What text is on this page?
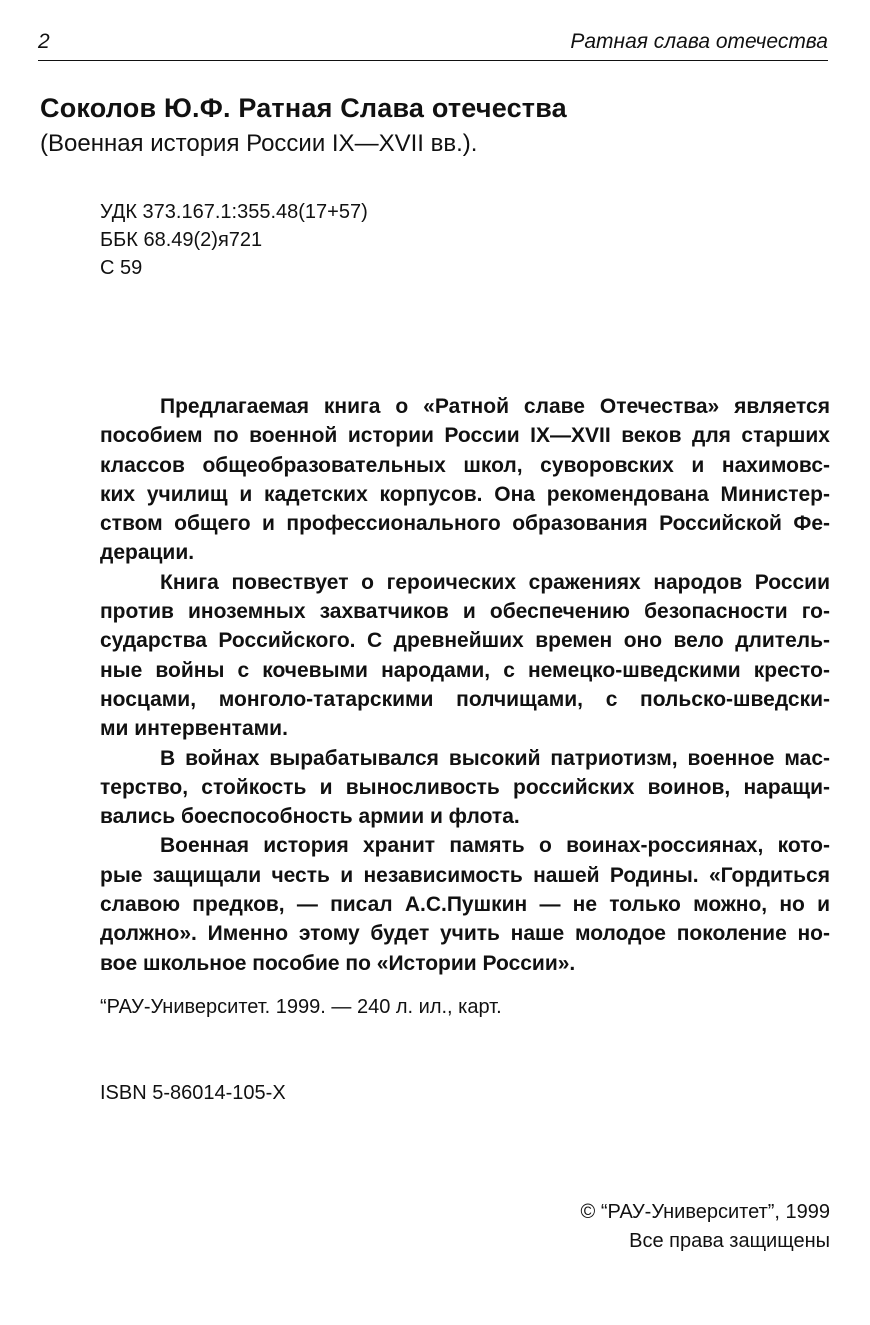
2	Ратная слава отечества
Соколов Ю.Ф. Ратная Слава отечества
(Военная история России IX—XVII вв.).
УДК 373.167.1:355.48(17+57)
ББК 68.49(2)я721
С 59

Предлагаемая книга о «Ратной славе Отечества» является
пособием по военной истории России IX—XVII веков для старших
классов общеобразовательных школ, суворовских и нахимовс-
ких училищ и кадетских корпусов. Она рекомендована Министер-
ством общего и профессионального образования Российской Фе-
дерации.

Книга повествует о героических сражениях народов России
против иноземных захватчиков и обеспечению безопасности го-
сударства Российского. С древнейших времен оно вело длитель-
ные войны с кочевыми народами, с немецко-шведскими кресто-
носцами, монголо-татарскими полчищами, с польско-шведски-
ми интервентами.

В войнах вырабатывался высокий патриотизм, военное мас-
терство, стойкость и выносливость российских воинов, наращи-
вались боеспособность армии и флота.

Военная история хранит память о воинах-россиянах, кото-
рые защищали честь и независимость нашей Родины. «Гордиться
славою предков, — писал А.С.Пушкин — не только можно, но и
должно». Именно этому будет учить наше молодое поколение но-
вое школьное пособие по «Истории России».

“РАУ-Университет. 1999. — 240 л. ил., карт.
ISBN 5-86014-105-X
© “РАУ-Университет”, 1999
Все права защищены
